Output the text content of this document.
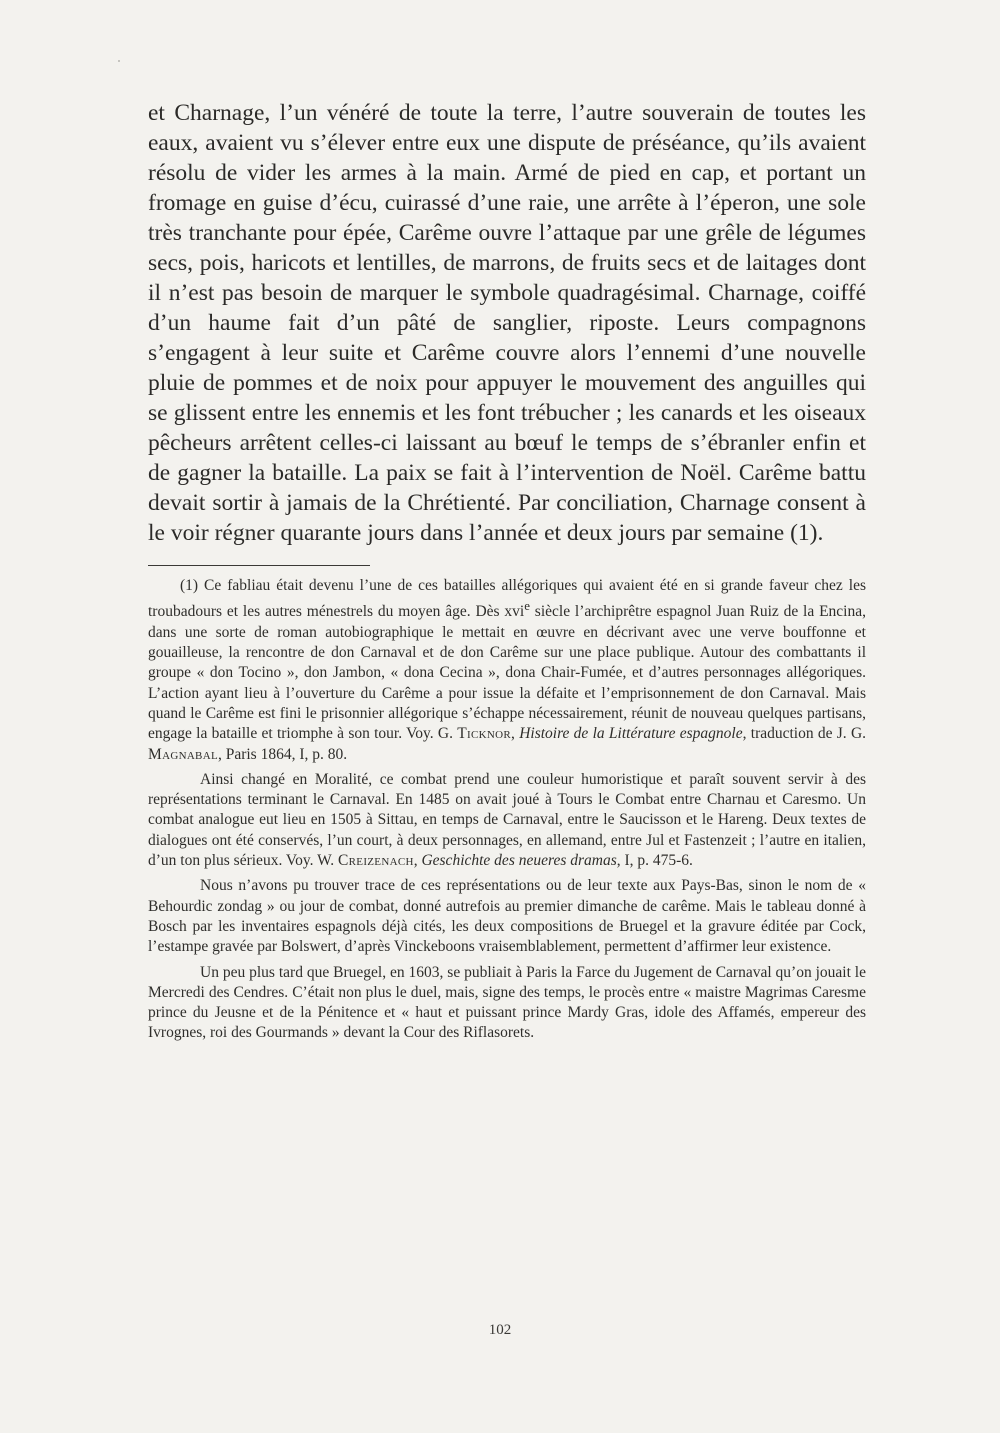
et Charnage, l’un vénéré de toute la terre, l’autre souverain de toutes les eaux, avaient vu s’élever entre eux une dispute de préséance, qu’ils avaient résolu de vider les armes à la main. Armé de pied en cap, et portant un fromage en guise d’écu, cuirassé d’une raie, une arrête à l’éperon, une sole très tranchante pour épée, Carême ouvre l’attaque par une grêle de légumes secs, pois, haricots et lentilles, de marrons, de fruits secs et de laitages dont il n’est pas besoin de marquer le symbole quadragésimal. Charnage, coiffé d’un haume fait d’un pâté de sanglier, riposte. Leurs compagnons s’engagent à leur suite et Carême couvre alors l’ennemi d’une nouvelle pluie de pommes et de noix pour appuyer le mouvement des anguilles qui se glissent entre les ennemis et les font trébucher ; les canards et les oiseaux pêcheurs arrêtent celles-ci laissant au bœuf le temps de s’ébranler enfin et de gagner la bataille. La paix se fait à l’intervention de Noël. Carême battu devait sortir à jamais de la Chrétienté. Par conciliation, Charnage consent à le voir régner quarante jours dans l’année et deux jours par semaine (1).

(1) Ce fabliau était devenu l’une de ces batailles allégoriques qui avaient été en si grande faveur chez les troubadours et les autres ménestrels du moyen âge. Dès xvi$^e$ siècle l’archiprêtre espagnol Juan Ruiz de la Encina, dans une sorte de roman autobiographique le mettait en œuvre en décrivant avec une verve bouffonne et gouailleuse, la rencontre de don Carnaval et de don Carême sur une place publique. Autour des combattants il groupe « don Tocino », don Jambon, « dona Cecina », dona Chair-Fumée, et d’autres personnages allégoriques. L’action ayant lieu à l’ouverture du Carême a pour issue la défaite et l’emprisonnement de don Carnaval. Mais quand le Carême est fini le prisonnier allégorique s’échappe nécessairement, réunit de nouveau quelques partisans, engage la bataille et triomphe à son tour. Voy. G. Ticknor, Histoire de la Littérature espagnole, traduction de J. G. Magnabal, Paris 1864, I, p. 80.

Ainsi changé en Moralité, ce combat prend une couleur humoristique et paraît souvent servir à des représentations terminant le Carnaval. En 1485 on avait joué à Tours le Combat entre Charnau et Caresmo. Un combat analogue eut lieu en 1505 à Sittau, en temps de Carnaval, entre le Saucisson et le Hareng. Deux textes de dialogues ont été conservés, l’un court, à deux personnages, en allemand, entre Jul et Fastenzeit ; l’autre en italien, d’un ton plus sérieux. Voy. W. Creizenach, Geschichte des neueres dramas, I, p. 475-6.

Nous n’avons pu trouver trace de ces représentations ou de leur texte aux Pays-Bas, sinon le nom de « Behourdic zondag » ou jour de combat, donné autrefois au premier dimanche de carême. Mais le tableau donné à Bosch par les inventaires espagnols déjà cités, les deux compositions de Bruegel et la gravure éditée par Cock, l’estampe gravée par Bolswert, d’après Vinckeboons vraisemblablement, permettent d’affirmer leur existence.

Un peu plus tard que Bruegel, en 1603, se publiait à Paris la Farce du Jugement de Carnaval qu’on jouait le Mercredi des Cendres. C’était non plus le duel, mais, signe des temps, le procès entre « maistre Magrimas Caresme prince du Jeusne et de la Pénitence et « haut et puissant prince Mardy Gras, idole des Affamés, empereur des Ivrognes, roi des Gourmands » devant la Cour des Riflasorets.

102
